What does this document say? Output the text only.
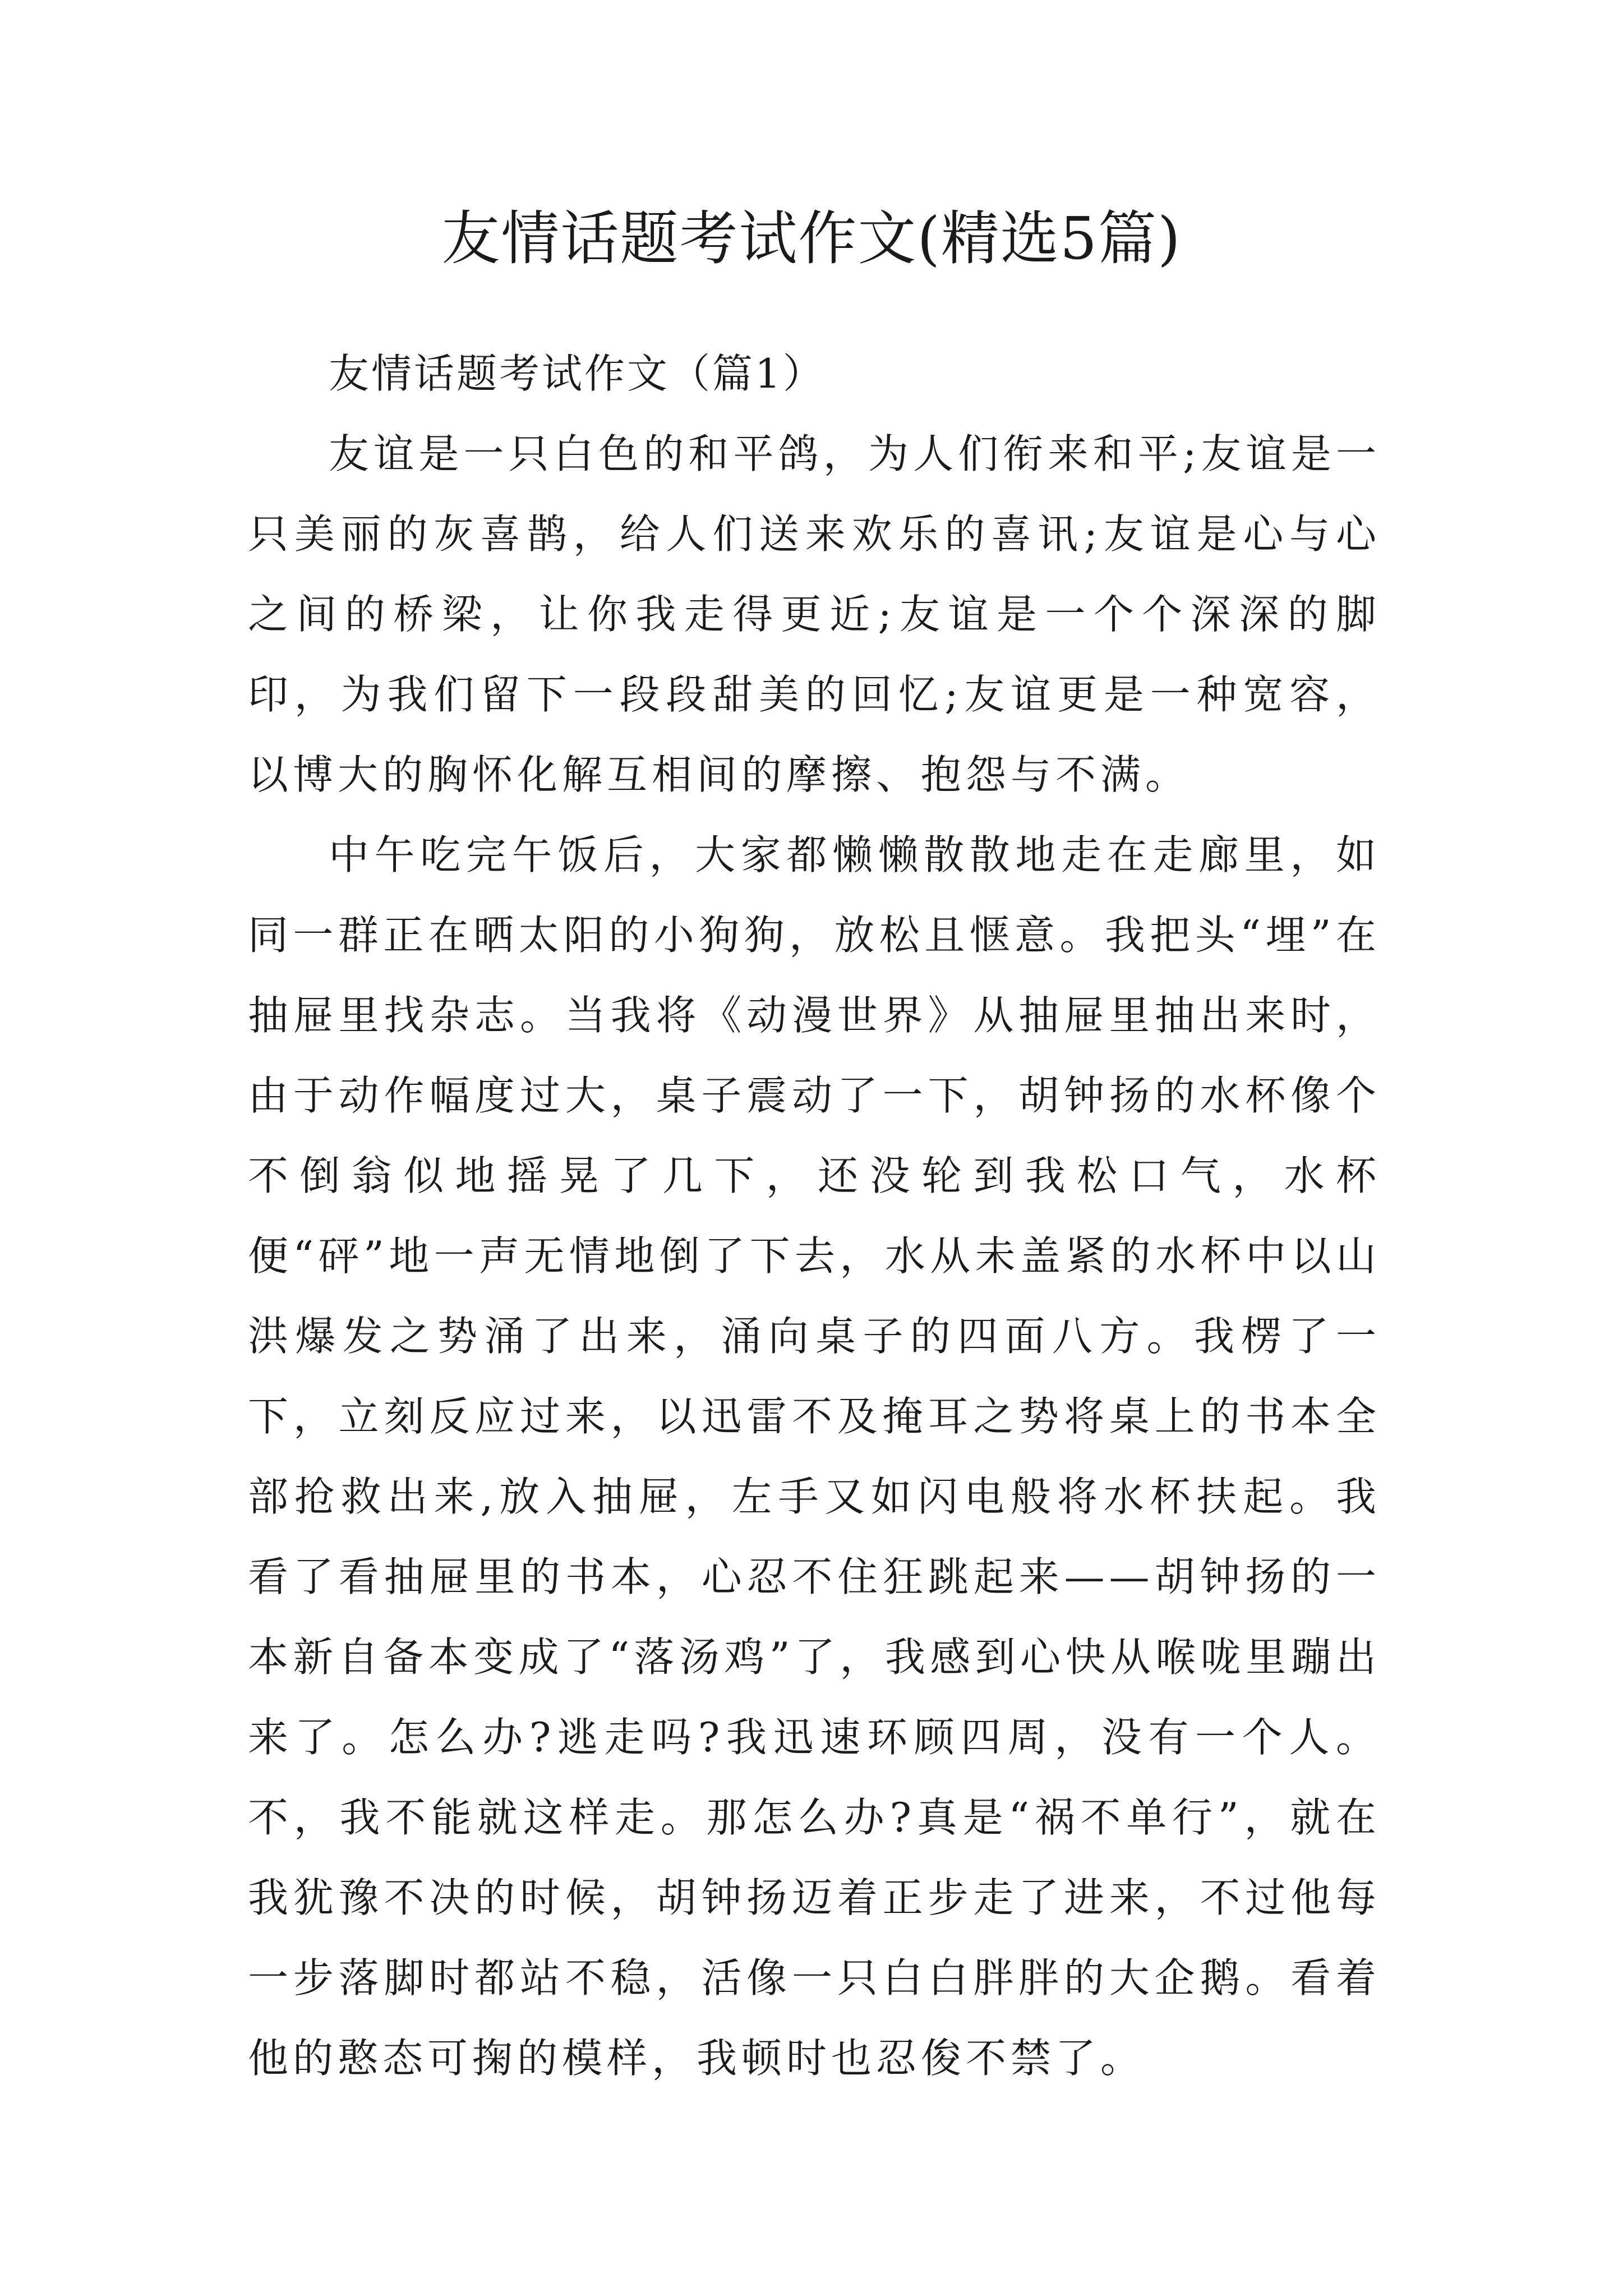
友情话题考试作文(精选5篇)

友情话题考试作文（篇1）

友谊是一只白色的和平鸽，为人们衔来和平;友谊是一只美丽的灰喜鹊，给人们送来欢乐的喜讯;友谊是心与心之间的桥梁，让你我走得更近;友谊是一个个深深的脚印，为我们留下一段段甜美的回忆;友谊更是一种宽容，以博大的胸怀化解互相间的摩擦、抱怨与不满。

中午吃完午饭后，大家都懒懒散散地走在走廊里，如同一群正在晒太阳的小狗狗，放松且惬意。我把头“埋”在抽屉里找杂志。当我将《动漫世界》从抽屉里抽出来时，由于动作幅度过大，桌子震动了一下，胡钟扬的水杯像个不倒翁似地摇晃了几下，还没轮到我松口气，水杯便“砰”地一声无情地倒了下去，水从未盖紧的水杯中以山洪爆发之势涌了出来，涌向桌子的四面八方。我楞了一下，立刻反应过来，以迅雷不及掩耳之势将桌上的书本全部抢救出来,放入抽屉，左手又如闪电般将水杯扶起。我看了看抽屉里的书本，心忍不住狂跳起来——胡钟扬的一本新自备本变成了“落汤鸡”了，我感到心快从喉咙里蹦出来了。怎么办?逃走吗?我迅速环顾四周，没有一个人。不，我不能就这样走。那怎么办?真是“祸不单行”，就在我犹豫不决的时候，胡钟扬迈着正步走了进来，不过他每一步落脚时都站不稳，活像一只白白胖胖的大企鹅。看着他的憨态可掬的模样，我顿时也忍俊不禁了。
